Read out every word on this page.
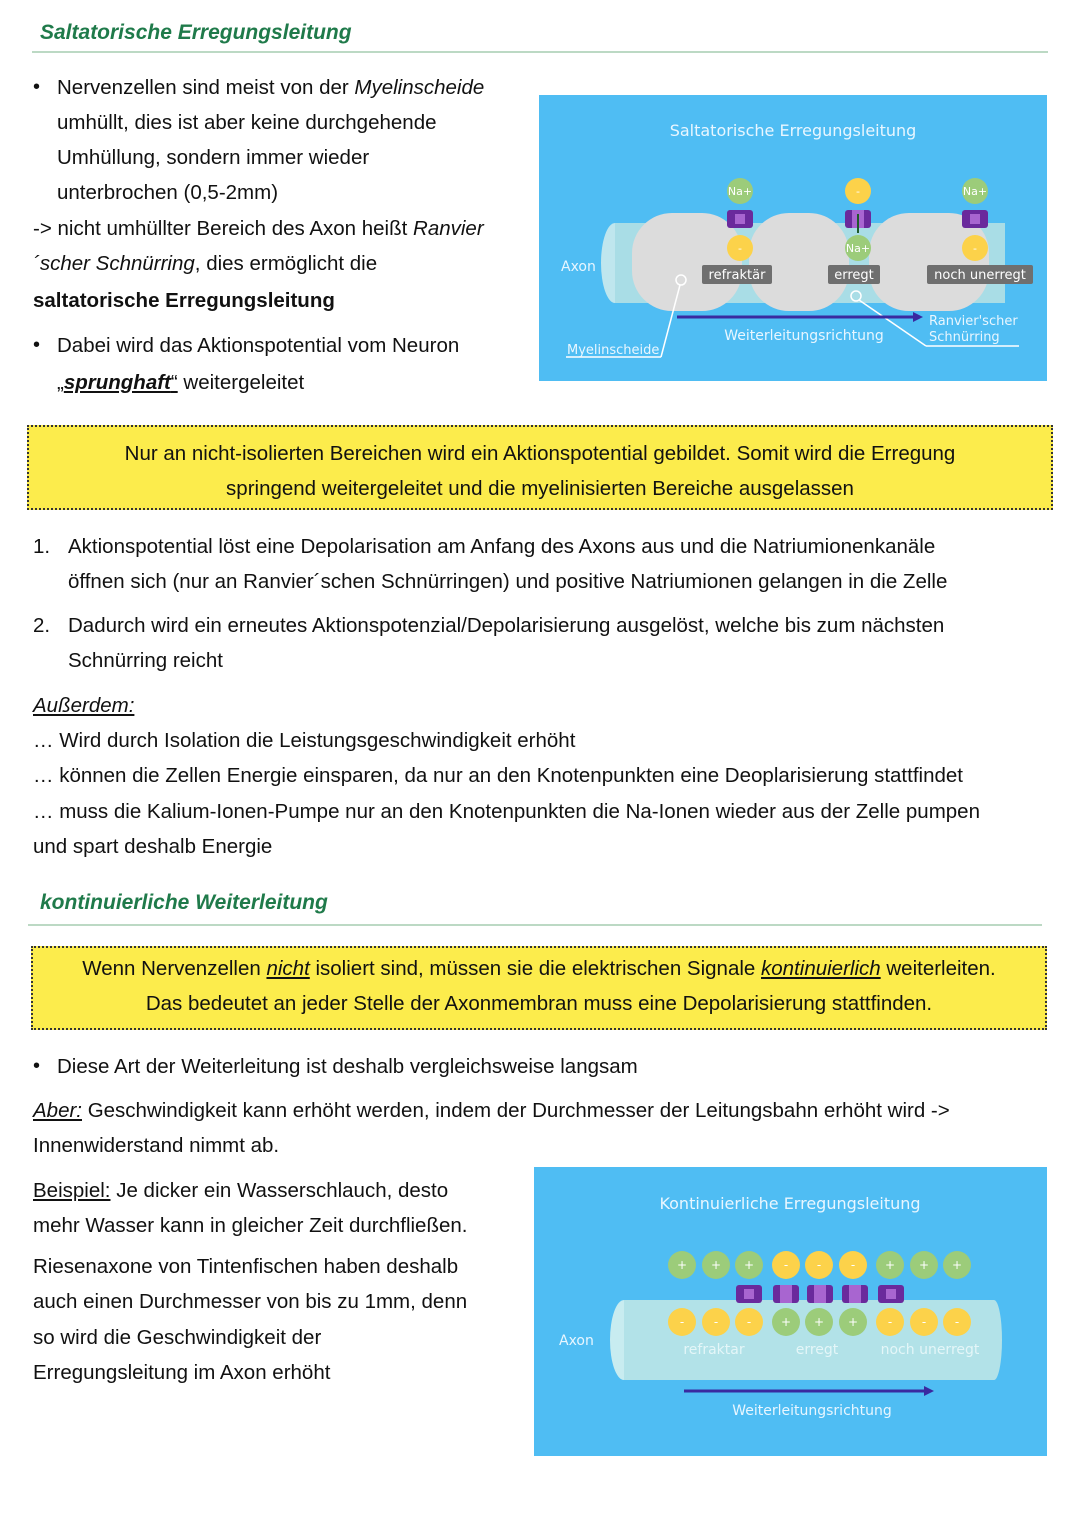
Saltatorische Erregungsleitung
• Nervenzellen sind meist von der Myelinscheide
umhüllt, dies ist aber keine durchgehende
Umhüllung, sondern immer wieder
unterbrochen (0,5-2mm)
-> nicht umhüllter Bereich des Axon heißt Ranvier
´scher Schnürring, dies ermöglicht die
saltatorische Erregungsleitung
• Dabei wird das Aktionspotential vom Neuron
„sprunghaft“ weitergeleitet
Saltatorische Erregungsleitung
Na+
-
-
Na+
Na+
-
refraktär	erregt	noch unerregt
Axon
Myelinscheide
Ranvier'scher
Schnürring
Weiterleitungsrichtung
Nur an nicht-isolierten Bereichen wird ein Aktionspotential gebildet. Somit wird die Erregung
springend weitergeleitet und die myelinisierten Bereiche ausgelassen
1. Aktionspotential löst eine Depolarisation am Anfang des Axons aus und die Natriumionenkanäle
öffnen sich (nur an Ranvier´schen Schnürringen) und positive Natriumionen gelangen in die Zelle
2. Dadurch wird ein erneutes Aktionspotenzial/Depolarisierung ausgelöst, welche bis zum nächsten
Schnürring reicht
Außerdem:
… Wird durch Isolation die Leistungsgeschwindigkeit erhöht
… können die Zellen Energie einsparen, da nur an den Knotenpunkten eine Deoplarisierung stattfindet
… muss die Kalium-Ionen-Pumpe nur an den Knotenpunkten die Na-Ionen wieder aus der Zelle pumpen
und spart deshalb Energie
kontinuierliche Weiterleitung
Wenn Nervenzellen nicht isoliert sind, müssen sie die elektrischen Signale kontinuierlich weiterleiten.
Das bedeutet an jeder Stelle der Axonmembran muss eine Depolarisierung stattfinden.
• Diese Art der Weiterleitung ist deshalb vergleichsweise langsam
Aber: Geschwindigkeit kann erhöht werden, indem der Durchmesser der Leitungsbahn erhöht wird ->
Innenwiderstand nimmt ab.
Beispiel: Je dicker ein Wasserschlauch, desto
mehr Wasser kann in gleicher Zeit durchfließen.
Riesenaxone von Tintenfischen haben deshalb
auch einen Durchmesser von bis zu 1mm, denn
so wird die Geschwindigkeit der
Erregungsleitung im Axon erhöht
Kontinuierliche Erregungsleitung
+ + + - - - + + +
- - - + + + - - -
refraktar	erregt	noch unerregt
Axon
Weiterleitungsrichtung
